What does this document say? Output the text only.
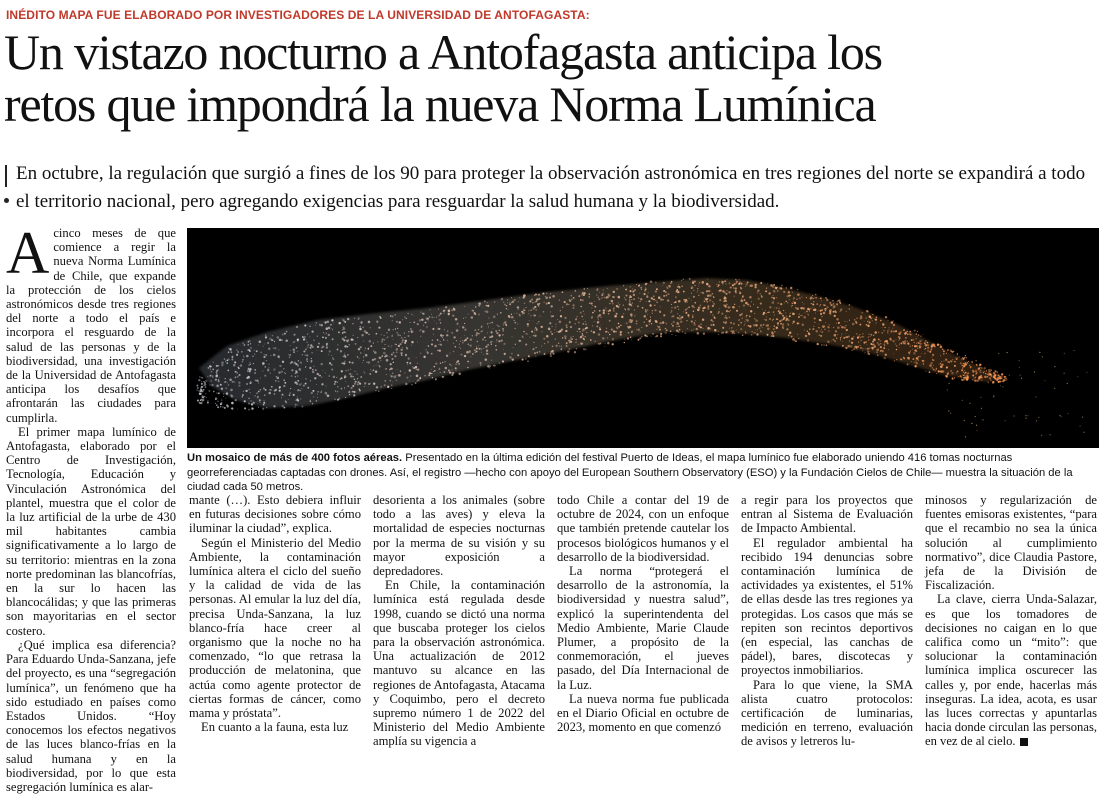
INÉDITO MAPA FUE ELABORADO POR INVESTIGADORES DE LA UNIVERSIDAD DE ANTOFAGASTA:
Un vistazo nocturno a Antofagasta anticipa los
retos que impondrá la nueva Norma Lumínica
En octubre, la regulación que surgió a fines de los 90 para proteger la observación astronómica en tres regiones del norte se expandirá a todo el territorio nacional, pero agregando exigencias para resguardar la salud humana y la biodiversidad.

Acinco meses de que comience a regir la nueva Norma Lumínica de Chile, que expande la protección de los cielos astronómicos desde tres regiones del norte a todo el país e incorpora el resguardo de la salud de las personas y de la biodiversidad, una investigación de la Universidad de Antofagasta anticipa los desafíos que afrontarán las ciudades para cumplirla.

El primer mapa lumínico de Antofagasta, elaborado por el Centro de Investigación, Tecnología, Educación y Vinculación Astronómica del plantel, muestra que el color de la luz artificial de la urbe de 430 mil habitantes cambia significativamente a lo largo de su territorio: mientras en la zona norte predominan las blancofrías, en la sur lo hacen las blancocálidas; y que las primeras son mayoritarias en el sector costero.

¿Qué implica esa diferencia? Para Eduardo Unda-Sanzana, jefe del proyecto, es una “segregación lumínica”, un fenómeno que ha sido estudiado en países como Estados Unidos. “Hoy conocemos los efectos negativos de las luces blanco-frías en la salud humana y en la biodiversidad, por lo que esta segregación lumínica es alar-

Un mosaico de más de 400 fotos aéreas. Presentado en la última edición del festival Puerto de Ideas, el mapa lumínico fue elaborado uniendo 416 tomas nocturnas georreferenciadas captadas con drones. Así, el registro —hecho con apoyo del European Southern Observatory (ESO) y la Fundación Cielos de Chile— muestra la situación de la ciudad cada 50 metros.

mante (…). Esto debiera influir en futuras decisiones sobre cómo iluminar la ciudad”, explica.

Según el Ministerio del Medio Ambiente, la contaminación lumínica altera el ciclo del sueño y la calidad de vida de las personas. Al emular la luz del día, precisa Unda-Sanzana, la luz blanco-fría hace creer al organismo que la noche no ha comenzado, “lo que retrasa la producción de melatonina, que actúa como agente protector de ciertas formas de cáncer, como mama y próstata”.

En cuanto a la fauna, esta luz

desorienta a los animales (sobre todo a las aves) y eleva la mortalidad de especies nocturnas por la merma de su visión y su mayor exposición a depredadores.

En Chile, la contaminación lumínica está regulada desde 1998, cuando se dictó una norma que buscaba proteger los cielos para la observación astronómica. Una actualización de 2012 mantuvo su alcance en las regiones de Antofagasta, Atacama y Coquimbo, pero el decreto supremo número 1 de 2022 del Ministerio del Medio Ambiente amplía su vigencia a

todo Chile a contar del 19 de octubre de 2024, con un enfoque que también pretende cautelar los procesos biológicos humanos y el desarrollo de la biodiversidad.

La norma “protegerá el desarrollo de la astronomía, la biodiversidad y nuestra salud”, explicó la superintendenta del Medio Ambiente, Marie Claude Plumer, a propósito de la conmemoración, el jueves pasado, del Día Internacional de la Luz.

La nueva norma fue publicada en el Diario Oficial en octubre de 2023, momento en que comenzó

a regir para los proyectos que entran al Sistema de Evaluación de Impacto Ambiental.

El regulador ambiental ha recibido 194 denuncias sobre contaminación lumínica de actividades ya existentes, el 51% de ellas desde las tres regiones ya protegidas. Los casos que más se repiten son recintos deportivos (en especial, las canchas de pádel), bares, discotecas y proyectos inmobiliarios.

Para lo que viene, la SMA alista cuatro protocolos: certificación de luminarias, medición en terreno, evaluación de avisos y letreros lu-

minosos y regularización de fuentes emisoras existentes, “para que el recambio no sea la única solución al cumplimiento normativo”, dice Claudia Pastore, jefa de la División de Fiscalización.

La clave, cierra Unda-Salazar, es que los tomadores de decisiones no caigan en lo que califica como un “mito”: que solucionar la contaminación lumínica implica oscurecer las calles y, por ende, hacerlas más inseguras. La idea, acota, es usar las luces correctas y apuntarlas hacia donde circulan las personas, en vez de al cielo.
